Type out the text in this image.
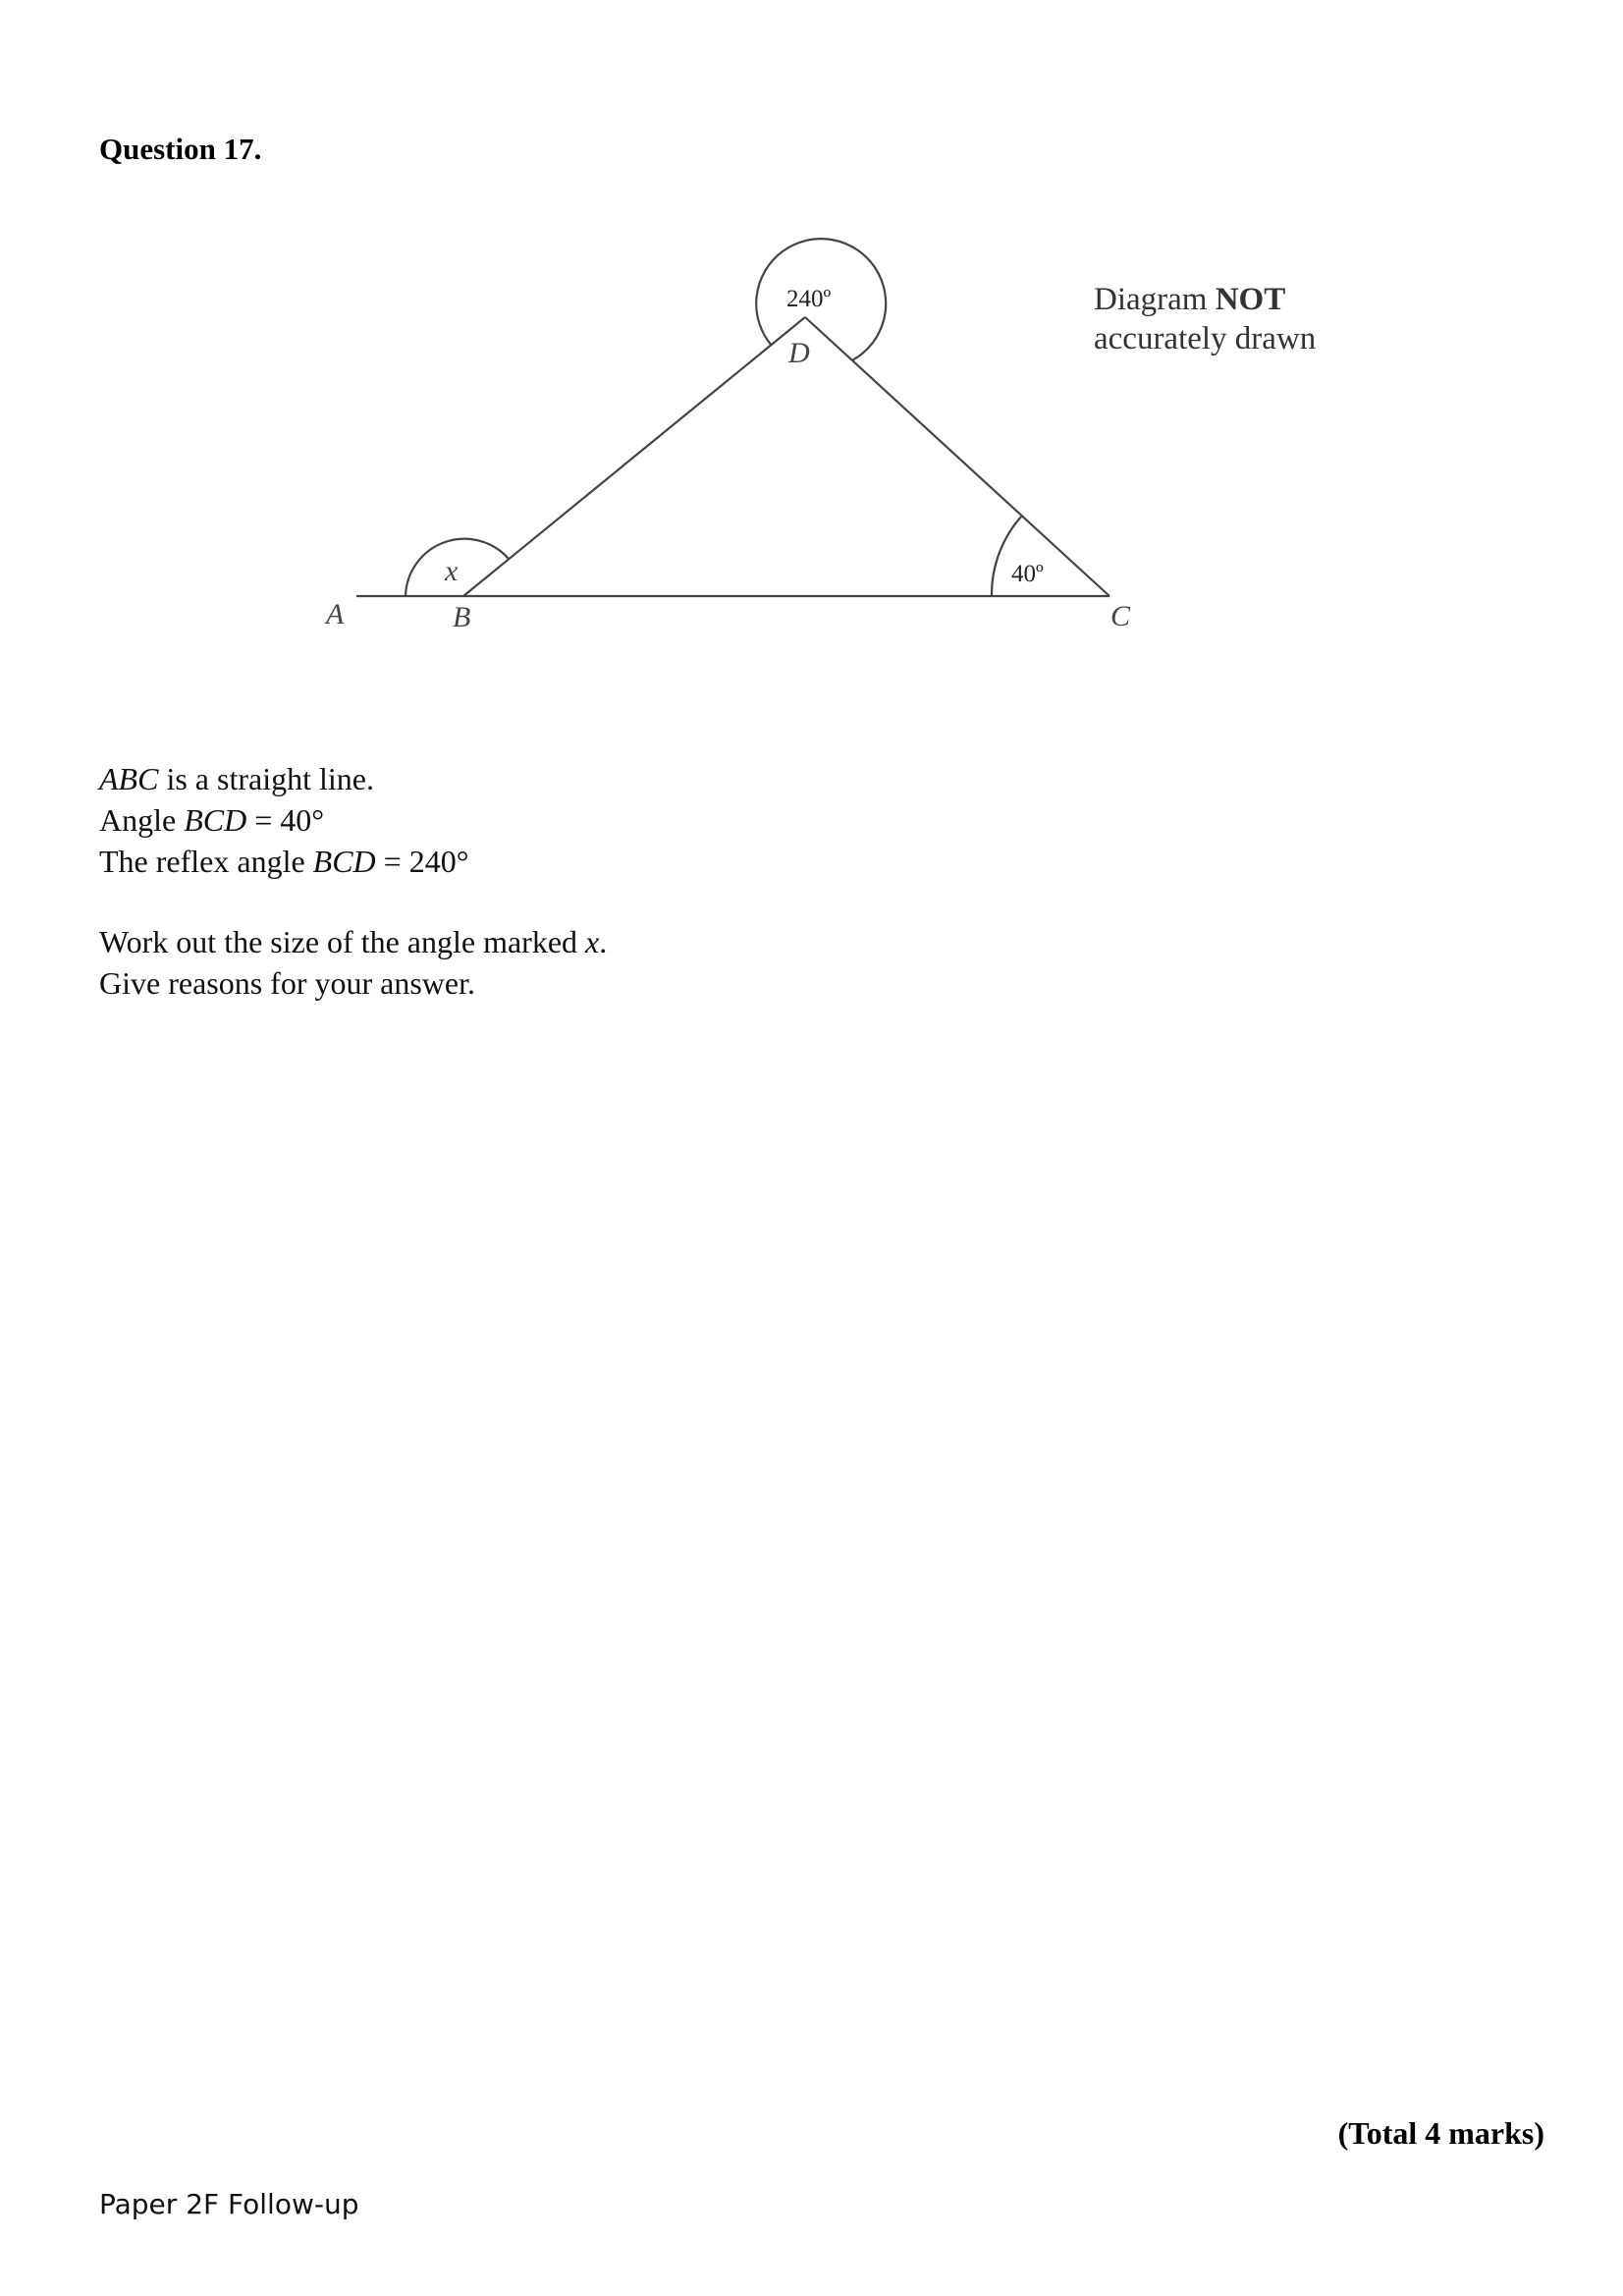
Question 17.
A	B	C
D
x
240º
40º
Diagram NOT
accurately drawn
ABC is a straight line.
Angle BCD = 40°
The reflex angle BCD = 240°
Work out the size of the angle marked x.
Give reasons for your answer.
(Total 4 marks)
Paper 2F Follow-up
